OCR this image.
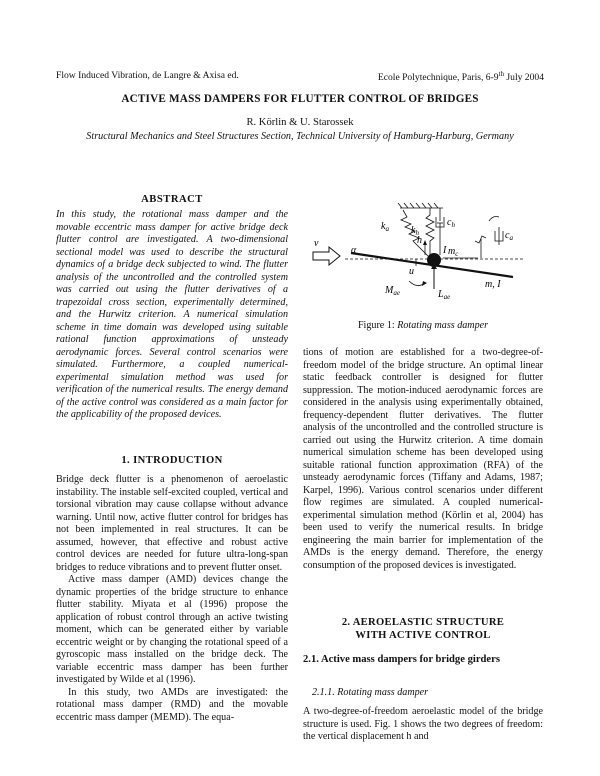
Flow Induced Vibration, de Langre & Axisa ed.	Ecole Polytechnique, Paris, 6-9th July 2004
ACTIVE MASS DAMPERS FOR FLUTTER CONTROL OF BRIDGES
R. Körlin & U. Starossek
Structural Mechanics and Steel Structures Section, Technical University of Hamburg-Harburg, Germany
ABSTRACT

In this study, the rotational mass damper and the movable eccentric mass damper for active bridge deck flutter control are investigated. A two-dimensional sectional model was used to describe the structural dynamics of a bridge deck subjected to wind. The flutter analysis of the uncontrolled and the controlled system was carried out using the flutter derivatives of a trapezoidal cross section, experimentally determined, and the Hurwitz criterion. A numerical simulation scheme in time domain was developed using suitable rational function approximations of unsteady aerodynamic forces. Several control scenarios were simulated. Furthermore, a coupled numerical-experimental simulation method was used for verification of the numerical results. The energy demand of the active control was considered as a main factor for the applicability of the proposed devices.

1. INTRODUCTION

Bridge deck flutter is a phenomenon of aeroelastic instability. The instable self-excited coupled, vertical and torsional vibration may cause collapse without advance warning. Until now, active flutter control for bridges has not been implemented in real structures. It can be assumed, however, that effective and robust active control devices are needed for future ultra-long-span bridges to reduce vibrations and to prevent flutter onset.

Active mass damper (AMD) devices change the dynamic properties of the bridge structure to enhance flutter stability. Miyata et al (1996) propose the application of robust control through an active twisting moment, which can be generated either by variable eccentric weight or by changing the rotational speed of a gyroscopic mass installed on the bridge deck. The variable eccentric mass damper has been further investigated by Wilde et al (1996).

In this study, two AMDs are investigated: the rotational mass damper (RMD) and the movable eccentric mass damper (MEMD). The equa-

v
α
$k_a$ $k_h$
$c_h$
h
I $m_c$
$c_a$
u
m, I
$M_{ae}$	$L_{ae}$
Figure 1: Rotating mass damper

tions of motion are established for a two-degree-of-freedom model of the bridge structure. An optimal linear static feedback controller is designed for flutter suppression. The motion-induced aerodynamic forces are considered in the analysis using experimentally obtained, frequency-dependent flutter derivatives. The flutter analysis of the uncontrolled and the controlled structure is carried out using the Hurwitz criterion. A time domain numerical simulation scheme has been developed using suitable rational function approximation (RFA) of the unsteady aerodynamic forces (Tiffany and Adams, 1987; Karpel, 1996). Various control scenarios under different flow regimes are simulated. A coupled numerical-experimental simulation method (Körlin et al, 2004) has been used to verify the numerical results. In bridge engineering the main barrier for implementation of the AMDs is the energy demand. Therefore, the energy consumption of the proposed devices is investigated.

2. AEROELASTIC STRUCTURE
WITH ACTIVE CONTROL
2.1. Active mass dampers for bridge girders
2.1.1. Rotating mass damper

A two-degree-of-freedom aeroelastic model of the bridge structure is used. Fig. 1 shows the two degrees of freedom: the vertical displacement h and
